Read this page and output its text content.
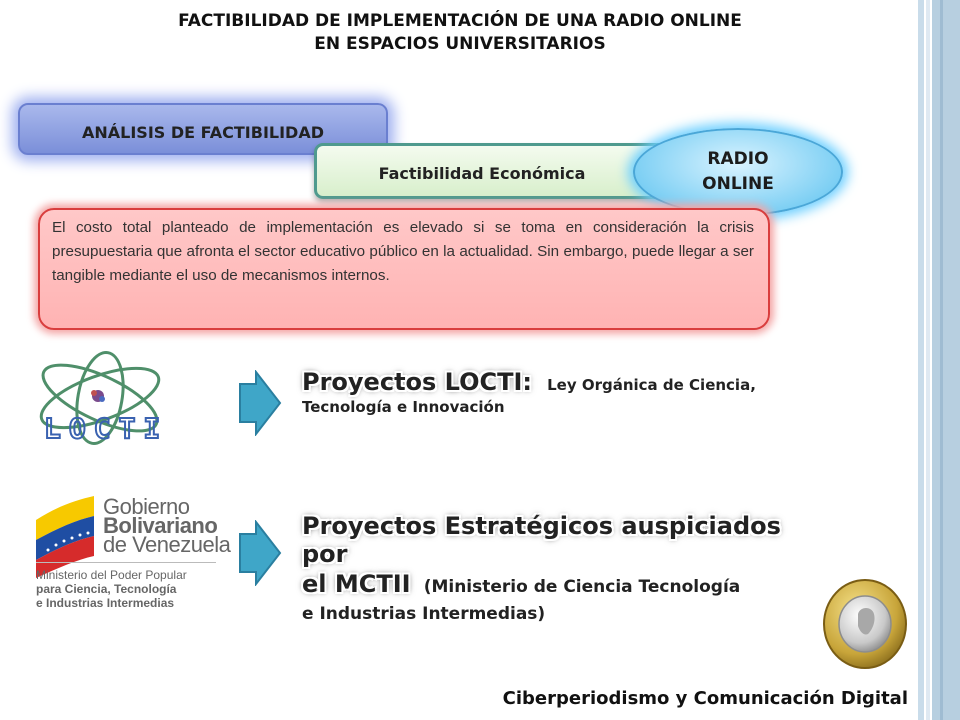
FACTIBILIDAD DE IMPLEMENTACIÓN DE UNA RADIO ONLINE
EN ESPACIOS UNIVERSITARIOS
ANÁLISIS DE FACTIBILIDAD
Factibilidad Económica
RADIO
ONLINE

El costo total planteado de implementación es elevado si se toma en consideración la crisis presupuestaria que afronta el sector educativo público en la actualidad. Sin embargo, puede llegar a ser tangible mediante el uso de mecanismos internos.

LOCTI
Gobierno
Bolivariano
de Venezuela
Ministerio del Poder Popular
para Ciencia, Tecnología
e Industrias Intermedias
Proyectos LOCTI: Ley Orgánica de Ciencia,
Tecnología e Innovación
Proyectos Estratégicos auspiciados por
el MCTII (Ministerio de Ciencia Tecnología
e Industrias Intermedias)
Ciberperiodismo y Comunicación Digital
